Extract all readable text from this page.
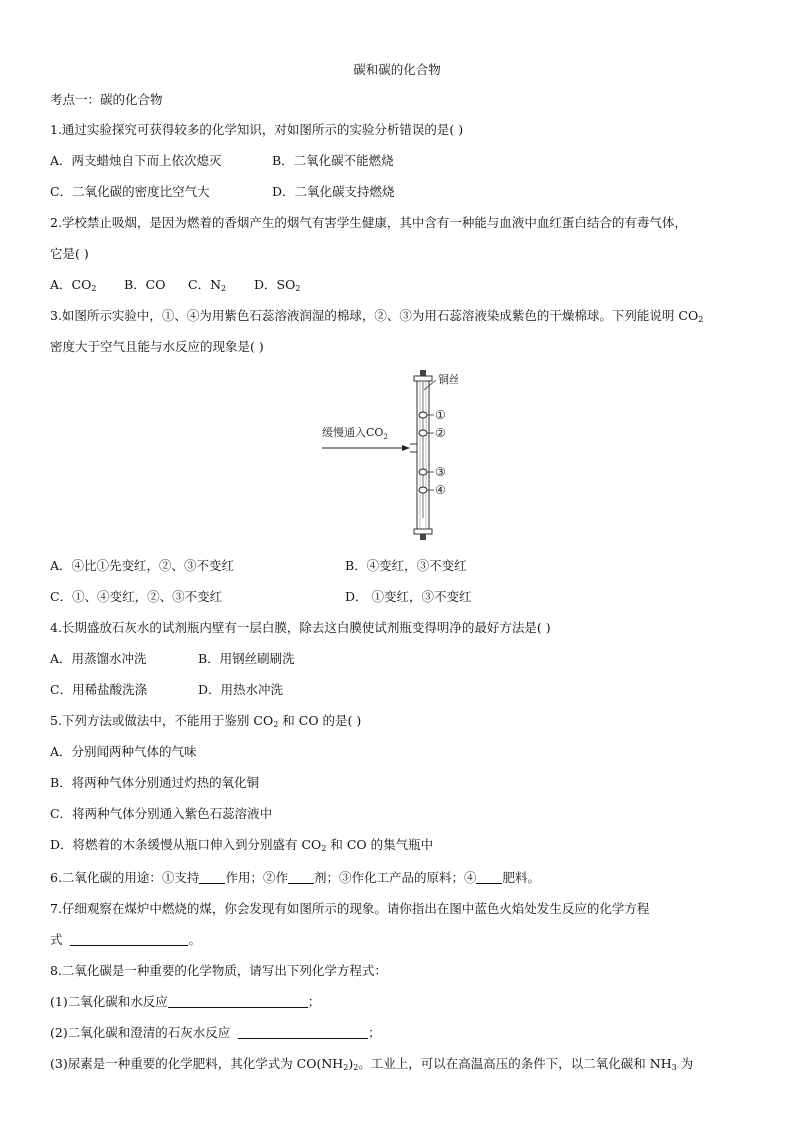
碳和碳的化合物
考点一：碳的化合物
1.通过实验探究可获得较多的化学知识，对如图所示的实验分析错误的是( )
A．两支蜡烛自下而上依次熄灭	B．二氧化碳不能燃烧
C．二氧化碳的密度比空气大	D．二氧化碳支持燃烧
2.学校禁止吸烟，是因为燃着的香烟产生的烟气有害学生健康，其中含有一种能与血液中血红蛋白结合的有毒气体，
它是( )
A．$CO_2$ B．CO C．$N_2$ D．$SO_2$
3.如图所示实验中，①、④为用紫色石蕊溶液润湿的棉球，②、③为用石蕊溶液染成紫色的干燥棉球。下列能说明 $CO_2$
密度大于空气且能与水反应的现象是( )
缓慢通入$CO_2$
铜丝
①
②
③
④
A．④比①先变红，②、③不变红	B．④变红，③不变红
C．①、④变红，②、③不变红	D． ①变红，③不变红
4.长期盛放石灰水的试剂瓶内壁有一层白膜，除去这白膜使试剂瓶变得明净的最好方法是( )
A．用蒸馏水冲洗	B．用钢丝刷刷洗
C．用稀盐酸洗涤	D．用热水冲洗
5.下列方法或做法中，不能用于鉴别 $CO_2$ 和 CO 的是( )
A．分别闻两种气体的气味
B．将两种气体分别通过灼热的氧化铜
C．将两种气体分别通入紫色石蕊溶液中
D．将燃着的木条缓慢从瓶口伸入到分别盛有 $CO_2$ 和 CO 的集气瓶中
6.二氧化碳的用途：①支持 作用；②作 剂；③作化工产品的原料；④ 肥料。
7.仔细观察在煤炉中燃烧的煤，你会发现有如图所示的现象。请你指出在图中蓝色火焰处发生反应的化学方程
式	。
8.二氧化碳是一种重要的化学物质，请写出下列化学方程式：
(1)二氧化碳和水反应	；
(2)二氧化碳和澄清的石灰水反应	；
(3)尿素是一种重要的化学肥料，其化学式为 $CO(NH_2)_2$。工业上，可以在高温高压的条件下，以二氧化碳和 $NH_3$ 为
